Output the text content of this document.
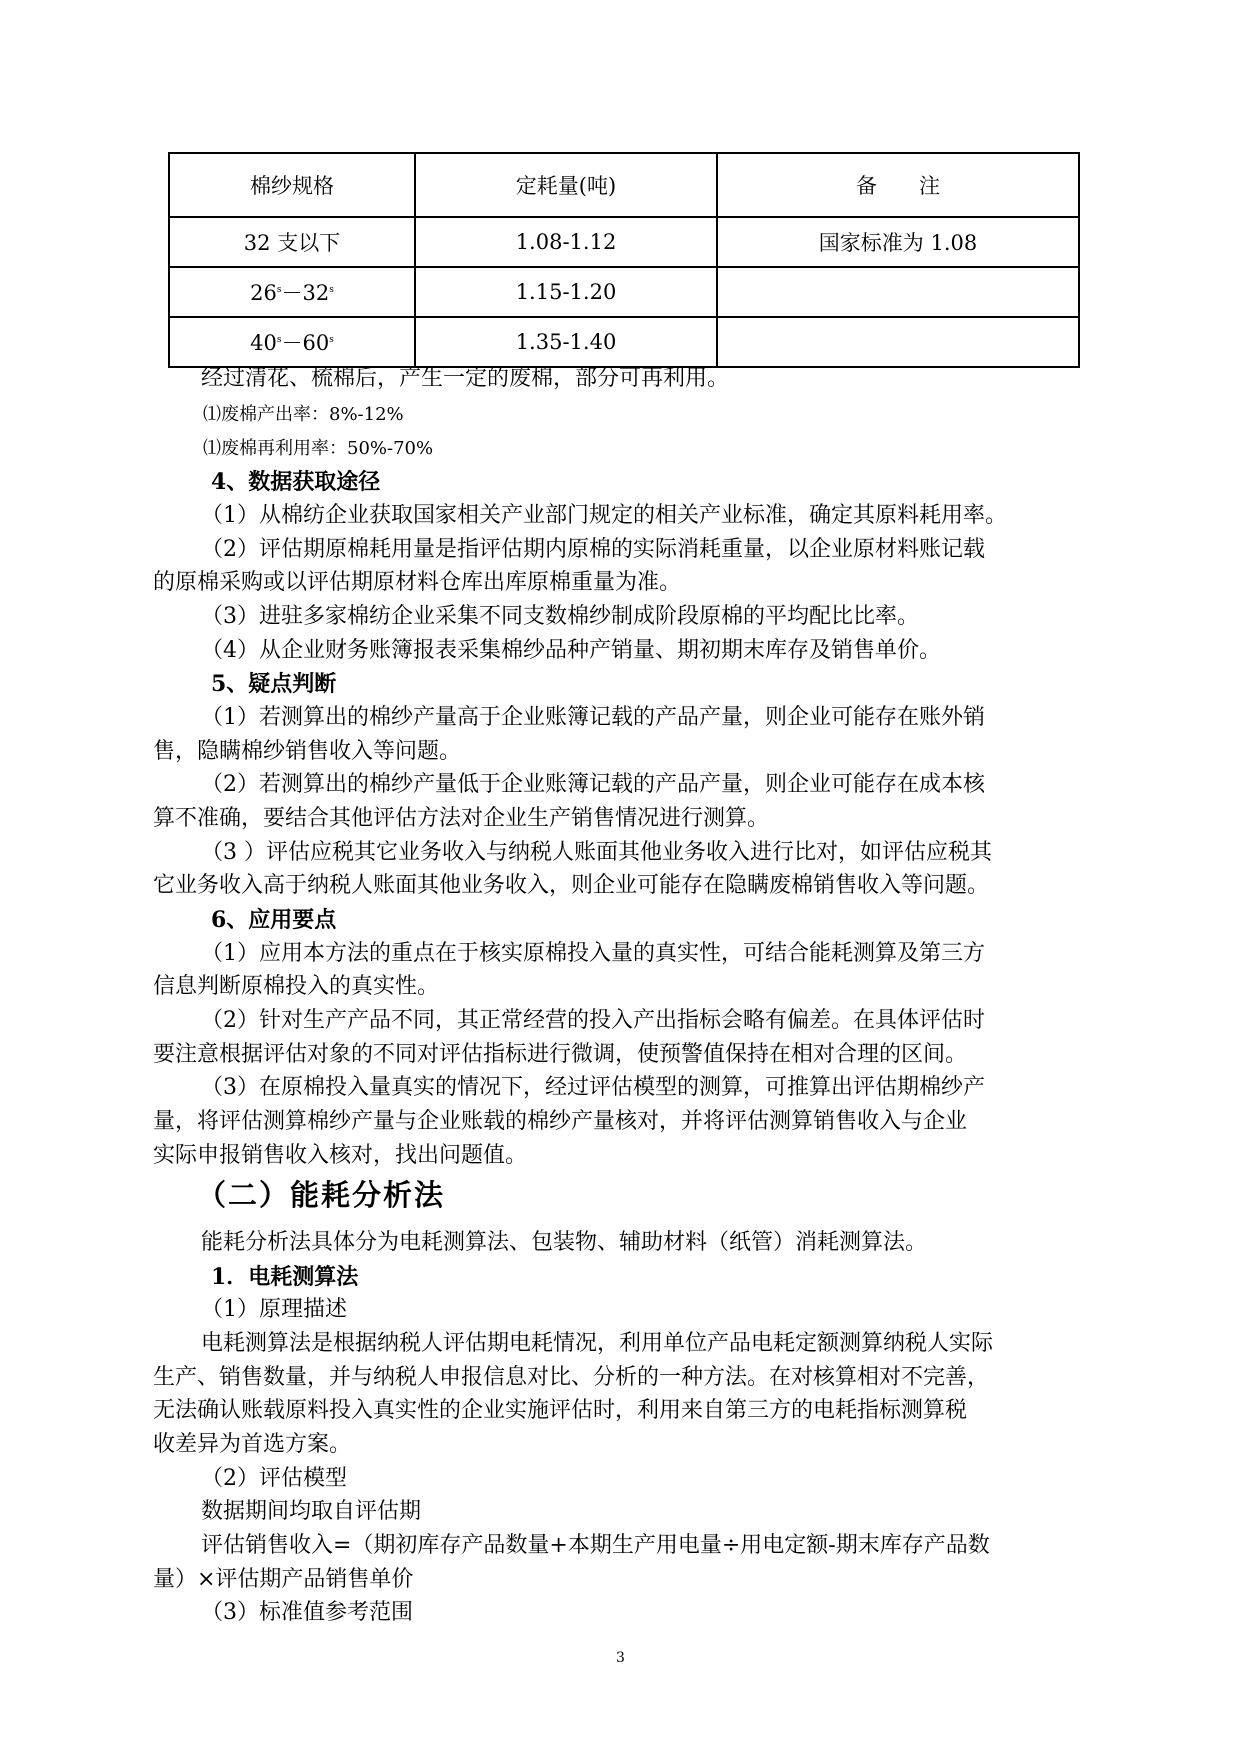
棉纱规格	定耗量(吨)	备　　注
32 支以下	1.08-1.12	国家标准为 1.08
$26^s-32^s$	1.15-1.20	
$40^s-60^s$	1.35-1.40	
经过清花、梳棉后，产生一定的废棉，部分可再利用。
⑴废棉产出率：8%-12%
⑴废棉再利用率：50%-70%
4、数据获取途径
（1）从棉纺企业获取国家相关产业部门规定的相关产业标准，确定其原料耗用率。
（2）评估期原棉耗用量是指评估期内原棉的实际消耗重量，以企业原材料账记载
的原棉采购或以评估期原材料仓库出库原棉重量为准。
（3）进驻多家棉纺企业采集不同支数棉纱制成阶段原棉的平均配比比率。
（4）从企业财务账簿报表采集棉纱品种产销量、期初期末库存及销售单价。
5、疑点判断
（1）若测算出的棉纱产量高于企业账簿记载的产品产量，则企业可能存在账外销
售，隐瞒棉纱销售收入等问题。
（2）若测算出的棉纱产量低于企业账簿记载的产品产量，则企业可能存在成本核
算不准确，要结合其他评估方法对企业生产销售情况进行测算。
（3 ）评估应税其它业务收入与纳税人账面其他业务收入进行比对，如评估应税其
它业务收入高于纳税人账面其他业务收入，则企业可能存在隐瞒废棉销售收入等问题。
6、应用要点
（1）应用本方法的重点在于核实原棉投入量的真实性，可结合能耗测算及第三方
信息判断原棉投入的真实性。
（2）针对生产产品不同，其正常经营的投入产出指标会略有偏差。在具体评估时
要注意根据评估对象的不同对评估指标进行微调，使预警值保持在相对合理的区间。
（3）在原棉投入量真实的情况下，经过评估模型的测算，可推算出评估期棉纱产
量，将评估测算棉纱产量与企业账载的棉纱产量核对，并将评估测算销售收入与企业
实际申报销售收入核对，找出问题值。
（二）能耗分析法
能耗分析法具体分为电耗测算法、包装物、辅助材料（纸管）消耗测算法。
1．电耗测算法
（1）原理描述
电耗测算法是根据纳税人评估期电耗情况，利用单位产品电耗定额测算纳税人实际
生产、销售数量，并与纳税人申报信息对比、分析的一种方法。在对核算相对不完善，
无法确认账载原料投入真实性的企业实施评估时，利用来自第三方的电耗指标测算税
收差异为首选方案。
（2）评估模型
数据期间均取自评估期
评估销售收入=（期初库存产品数量+本期生产用电量÷用电定额-期末库存产品数
量）×评估期产品销售单价
（3）标准值参考范围
3
